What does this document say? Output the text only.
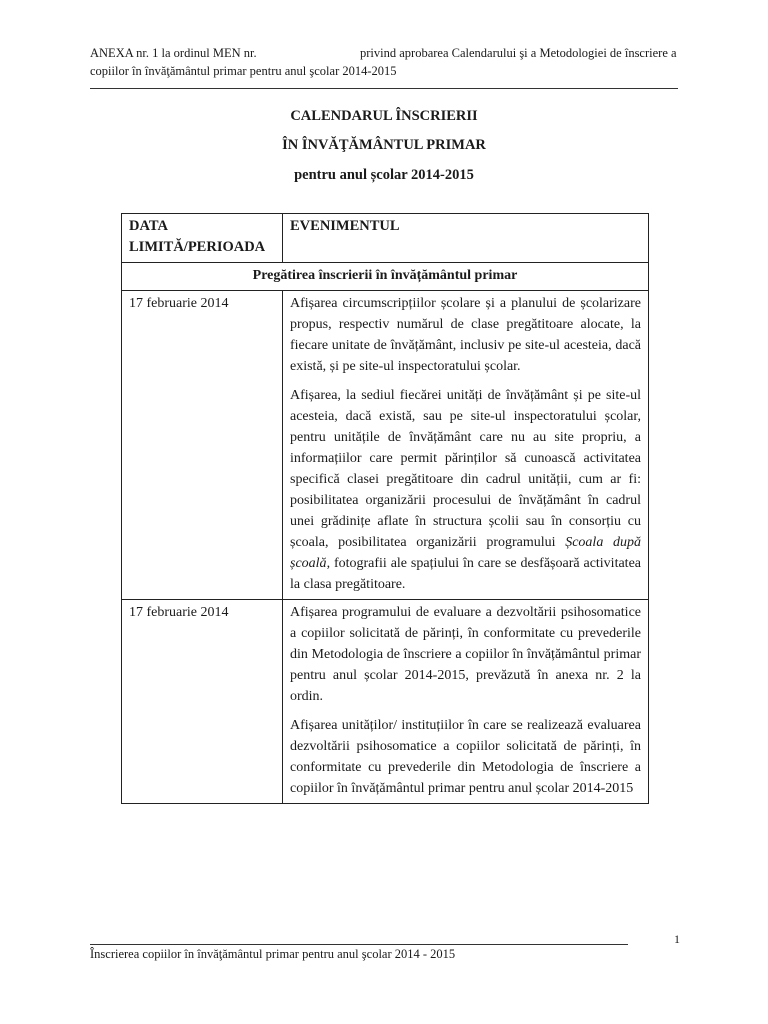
ANEXA nr. 1 la ordinul MEN nr.	privind aprobarea Calendarului şi a Metodologiei de înscriere a
copiilor în învăţământul primar pentru anul şcolar 2014-2015
CALENDARUL ÎNSCRIERII
ÎN ÎNVĂŢĂMÂNTUL PRIMAR
pentru anul școlar 2014-2015
DATA
LIMITĂ/PERIOADA	EVENIMENTUL
Pregătirea înscrierii în învățământul primar	
17 februarie 2014	Afișarea circumscripțiilor școlare și a planului de școlarizare propus, respectiv numărul de clase pregătitoare alocate, la fiecare unitate de învățământ, inclusiv pe site-ul acesteia, dacă există, și pe site-ul inspectoratului școlar.

Afișarea, la sediul fiecărei unități de învățământ și pe site-ul acesteia, dacă există, sau pe site-ul inspectoratului școlar, pentru unitățile de învățământ care nu au site propriu, a informațiilor care permit părinților să cunoască activitatea specifică clasei pregătitoare din cadrul unității, cum ar fi: posibilitatea organizării procesului de învățământ în cadrul unei grădinițe aflate în structura școlii sau în consorțiu cu școala, posibilitatea organizării programului Școala după școală, fotografii ale spațiului în care se desfășoară activitatea la clasa pregătitoare.

17 februarie 2014	Afișarea programului de evaluare a dezvoltării psihosomatice a copiilor solicitată de părinți, în conformitate cu prevederile din Metodologia de înscriere a copiilor în învățământul primar pentru anul școlar 2014-2015, prevăzută în anexa nr. 2 la ordin.

Afișarea unităților/ instituțiilor în care se realizează evaluarea dezvoltării psihosomatice a copiilor solicitată de părinți, în conformitate cu prevederile din Metodologia de înscriere a copiilor în învățământul primar pentru anul școlar 2014-2015

1
Înscrierea copiilor în învăţământul primar pentru anul şcolar 2014 - 2015
